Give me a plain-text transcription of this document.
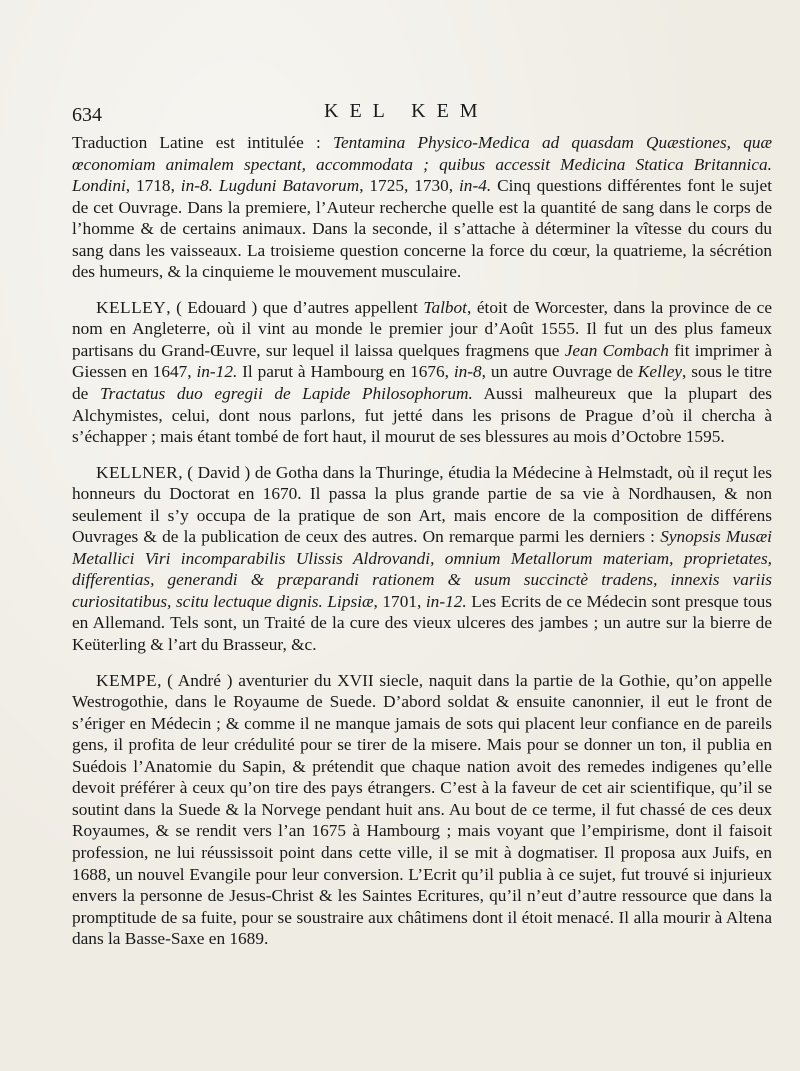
634	KEL KEM

Traduction Latine est intitulée : Tentamina Physico-Medica ad quasdam Quæstiones, quæ œconomiam animalem spectant, accommodata ; quibus accessit Medicina Statica Britannica. Londini, 1718, in-8. Lugduni Batavorum, 1725, 1730, in-4. Cinq questions différentes font le sujet de cet Ouvrage. Dans la premiere, l’Auteur recherche quelle est la quantité de sang dans le corps de l’homme & de certains animaux. Dans la seconde, il s’attache à déterminer la vîtesse du cours du sang dans les vaisseaux. La troisieme question concerne la force du cœur, la quatrieme, la sécrétion des humeurs, & la cinquieme le mouvement musculaire.

KELLEY, ( Edouard ) que d’autres appellent Talbot, étoit de Worcester, dans la province de ce nom en Angleterre, où il vint au monde le premier jour d’Août 1555. Il fut un des plus fameux partisans du Grand-Œuvre, sur lequel il laissa quelques fragmens que Jean Combach fit imprimer à Giessen en 1647, in-12. Il parut à Hambourg en 1676, in-8, un autre Ouvrage de Kelley, sous le titre de Tractatus duo egregii de Lapide Philosophorum. Aussi malheureux que la plupart des Alchymistes, celui, dont nous parlons, fut jetté dans les prisons de Prague d’où il chercha à s’échapper ; mais étant tombé de fort haut, il mourut de ses blessures au mois d’Octobre 1595.

KELLNER, ( David ) de Gotha dans la Thuringe, étudia la Médecine à Helmstadt, où il reçut les honneurs du Doctorat en 1670. Il passa la plus grande partie de sa vie à Nordhausen, & non seulement il s’y occupa de la pratique de son Art, mais encore de la composition de différens Ouvrages & de la publication de ceux des autres. On remarque parmi les derniers : Synopsis Musæi Metallici Viri incomparabilis Ulissis Aldrovandi, omnium Metallorum materiam, proprietates, differentias, generandi & præparandi rationem & usum succinctè tradens, innexis variis curiositatibus, scitu lectuque dignis. Lipsiæ, 1701, in-12. Les Ecrits de ce Médecin sont presque tous en Allemand. Tels sont, un Traité de la cure des vieux ulceres des jambes ; un autre sur la bierre de Keüterling & l’art du Brasseur, &c.

KEMPE, ( André ) aventurier du XVII siecle, naquit dans la partie de la Gothie, qu’on appelle Westrogothie, dans le Royaume de Suede. D’abord soldat & ensuite canonnier, il eut le front de s’ériger en Médecin ; & comme il ne manque jamais de sots qui placent leur confiance en de pareils gens, il profita de leur crédulité pour se tirer de la misere. Mais pour se donner un ton, il publia en Suédois l’Anatomie du Sapin, & prétendit que chaque nation avoit des remedes indigenes qu’elle devoit préférer à ceux qu’on tire des pays étrangers. C’est à la faveur de cet air scientifique, qu’il se soutint dans la Suede & la Norvege pendant huit ans. Au bout de ce terme, il fut chassé de ces deux Royaumes, & se rendit vers l’an 1675 à Hambourg ; mais voyant que l’empirisme, dont il faisoit profession, ne lui réussissoit point dans cette ville, il se mit à dogmatiser. Il proposa aux Juifs, en 1688, un nouvel Evangile pour leur conversion. L’Ecrit qu’il publia à ce sujet, fut trouvé si injurieux envers la personne de Jesus-Christ & les Saintes Ecritures, qu’il n’eut d’autre ressource que dans la promptitude de sa fuite, pour se soustraire aux châtimens dont il étoit menacé. Il alla mourir à Altena dans la Basse-Saxe en 1689.
